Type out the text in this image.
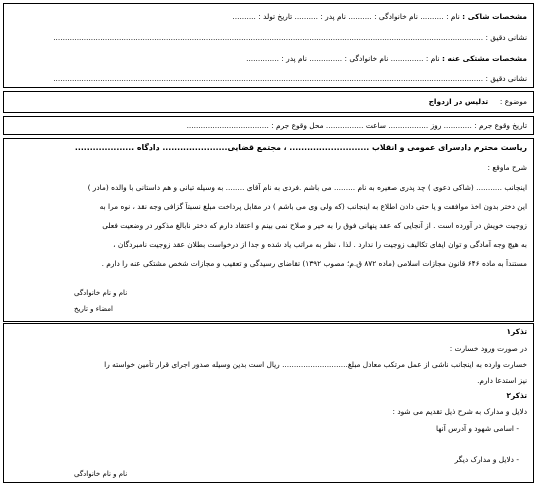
مشخصات شاکی : نام : .......... نام خانوادگی : .......... نام پدر : .......... تاریخ تولد : ..........
نشانی دقیق : .......................................................................................................................................................................................
مشخصات مشتکی عنه : نام : .............. نام خانوادگی : .............. نام پدر : ..............
نشانی دقیق : .......................................................................................................................................................................................
موضوع :     تدلیس در ازدواج
تاریخ وقوع جرم : ............ روز ................. ساعت ................ محل وقوع جرم : ...................................
ریاست محترم دادسرای عمومی و انقلاب ........................... ، مجتمع قضایی...................... دادگاه ....................
شرح ماوقع :
اینجانب ........... (شاکی دعوی ) چد پدری صغیره به نام ......... می باشم .فردی به نام آقای ........ به وسیله تبانی و هم داستانی با والده (مادر )
این دختر بدون اخذ موافقت و یا حتی دادن اطلاع به اینجانب (که ولی وی می باشم ) در مقابل پرداخت مبلغ نسبتاً گزافی وجه نقد ، نوه مرا به
زوجیت خویش در آورده است . از آنجایی که عقد پنهانی فوق را به خیر و صلاح نمی بینم و اعتقاد دارم که دختر نابالغ مذکور در وضعیت فعلی
به هیچ وجه آمادگی و توان ایفای تکالیف زوجیت را ندارد . لذا ، نظر به مراتب یاد شده و جدا از درخواست بطلان عقد زوجیت نامبردگان ،
مستنداً به ماده ۶۴۶ قانون مجازات اسلامی (ماده ۸۷۲ ق.م؛ مصوب ۱۳۹۲) تقاضای رسیدگی و تعقیب و مجازات شخص مشتکی عنه را دارم .
نام و نام خانوادگی
امضاء و تاریخ
تذکر۱
در صورت ورود خسارت :
خسارت وارده به اینجانب ناشی از عمل مرتکب معادل مبلغ............................ ریال است بدین وسیله صدور اجرای قرار تأمین خواسته را
نیز استدعا دارم.
تذکر۲
دلایل و مدارک به شرح ذیل تقدیم می شود :
- اسامی شهود و آدرس آنها
- دلایل و مدارک دیگر
نام و نام خانوادگی
